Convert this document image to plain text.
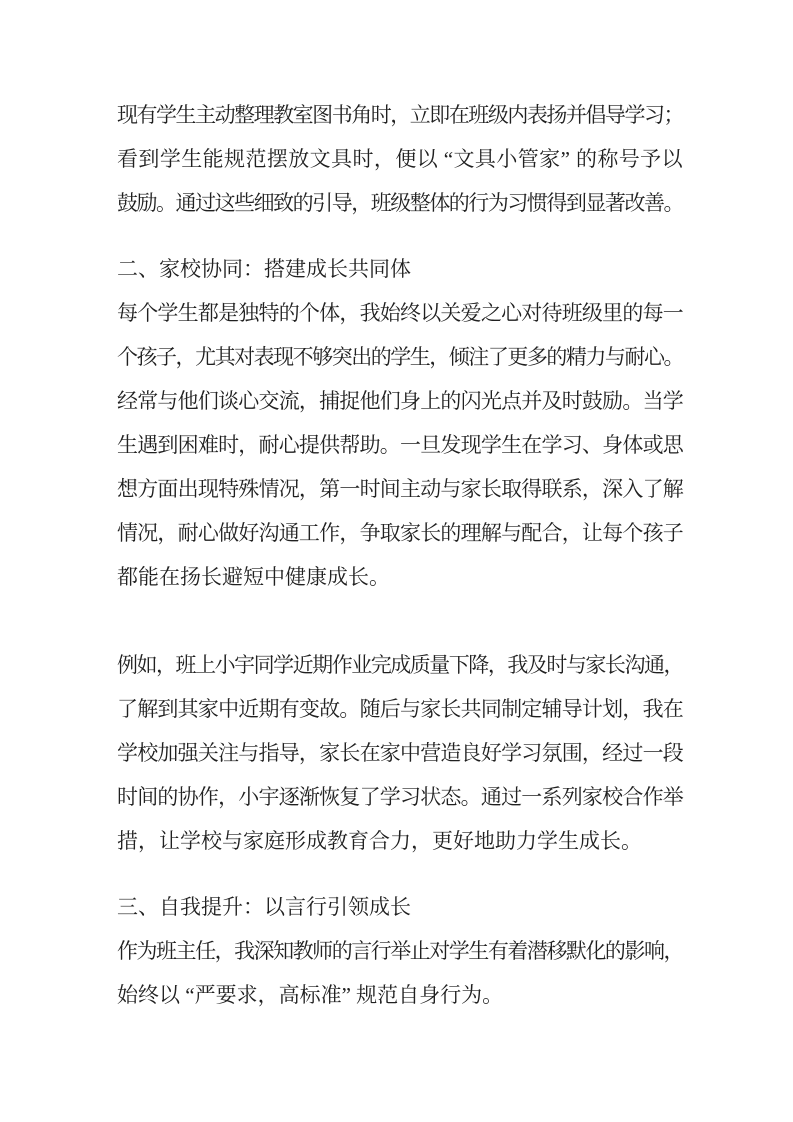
现有学生主动整理教室图书角时，立即在班级内表扬并倡导学习；
看到学生能规范摆放文具时，便以 “文具小管家” 的称号予以
鼓励。通过这些细致的引导，班级整体的行为习惯得到显著改善。
二、家校协同：搭建成长共同体
每个学生都是独特的个体，我始终以关爱之心对待班级里的每一
个孩子，尤其对表现不够突出的学生，倾注了更多的精力与耐心。
经常与他们谈心交流，捕捉他们身上的闪光点并及时鼓励。当学
生遇到困难时，耐心提供帮助。一旦发现学生在学习、身体或思
想方面出现特殊情况，第一时间主动与家长取得联系，深入了解
情况，耐心做好沟通工作，争取家长的理解与配合，让每个孩子
都能在扬长避短中健康成长。
例如，班上小宇同学近期作业完成质量下降，我及时与家长沟通，
了解到其家中近期有变故。随后与家长共同制定辅导计划，我在
学校加强关注与指导，家长在家中营造良好学习氛围，经过一段
时间的协作，小宇逐渐恢复了学习状态。通过一系列家校合作举
措，让学校与家庭形成教育合力，更好地助力学生成长。
三、自我提升：以言行引领成长
作为班主任，我深知教师的言行举止对学生有着潜移默化的影响，
始终以 “严要求，高标准” 规范自身行为。
